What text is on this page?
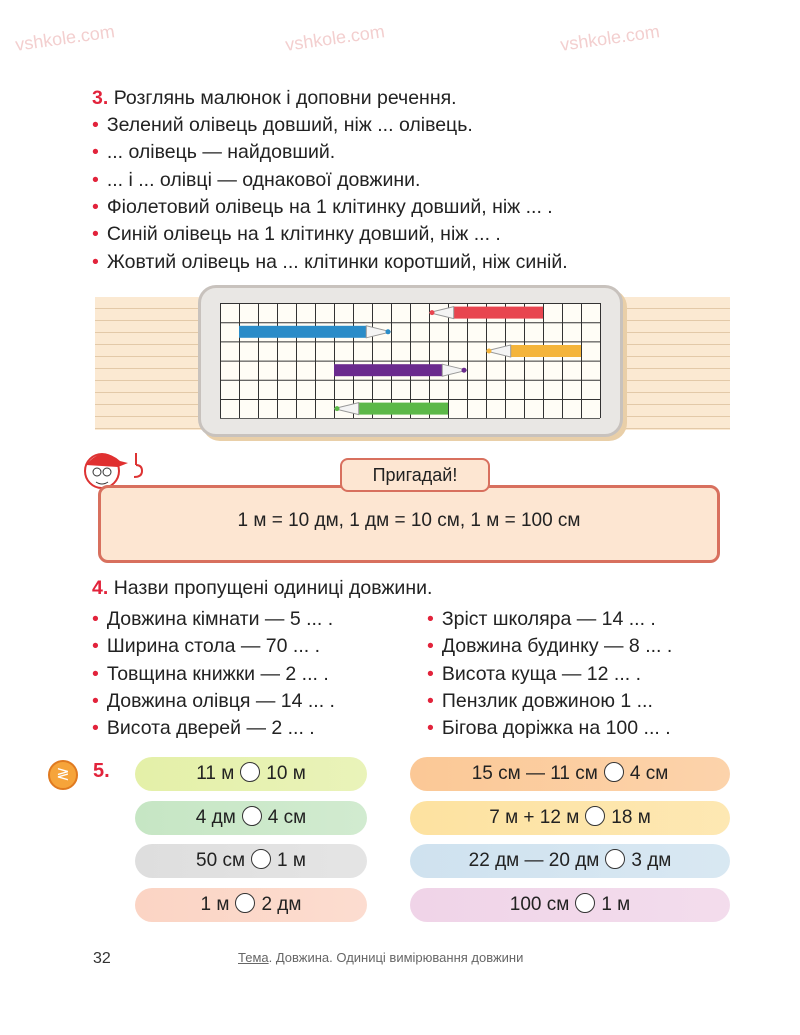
vshkole.com	vshkole.com	vshkole.com
3. Розглянь малюнок і доповни речення.
• Зелений олівець довший, ніж ... олівець.
• ... олівець — найдовший.
• ... і ... олівці — однакової довжини.
• Фіолетовий олівець на 1 клітинку довший, ніж ... .
• Синій олівець на 1 клітинку довший, ніж ... .
• Жовтий олівець на ... клітинки коротший, ніж синій.
Пригадай!
1 м = 10 дм, 1 дм = 10 см, 1 м = 100 см
4. Назви пропущені одиниці довжини.
• Довжина кімнати — 5 ... .
• Ширина стола — 70 ... .
• Товщина книжки — 2 ... .
• Довжина олівця — 14 ... .
• Висота дверей — 2 ... .
• Зріст школяра — 14 ... .
• Довжина будинку — 8 ... .
• Висота куща — 12 ... .
• Пензлик довжиною 1 ...
• Бігова доріжка на 100 ... .
≷	5.	11 м 10 м
4 дм 4 см
50 см 1 м
1 м 2 дм
15 см — 11 см 4 см
7 м + 12 м 18 м
22 дм — 20 дм 3 дм
100 см 1 м
32	Тема. Довжина. Одиниці вимірювання довжини
